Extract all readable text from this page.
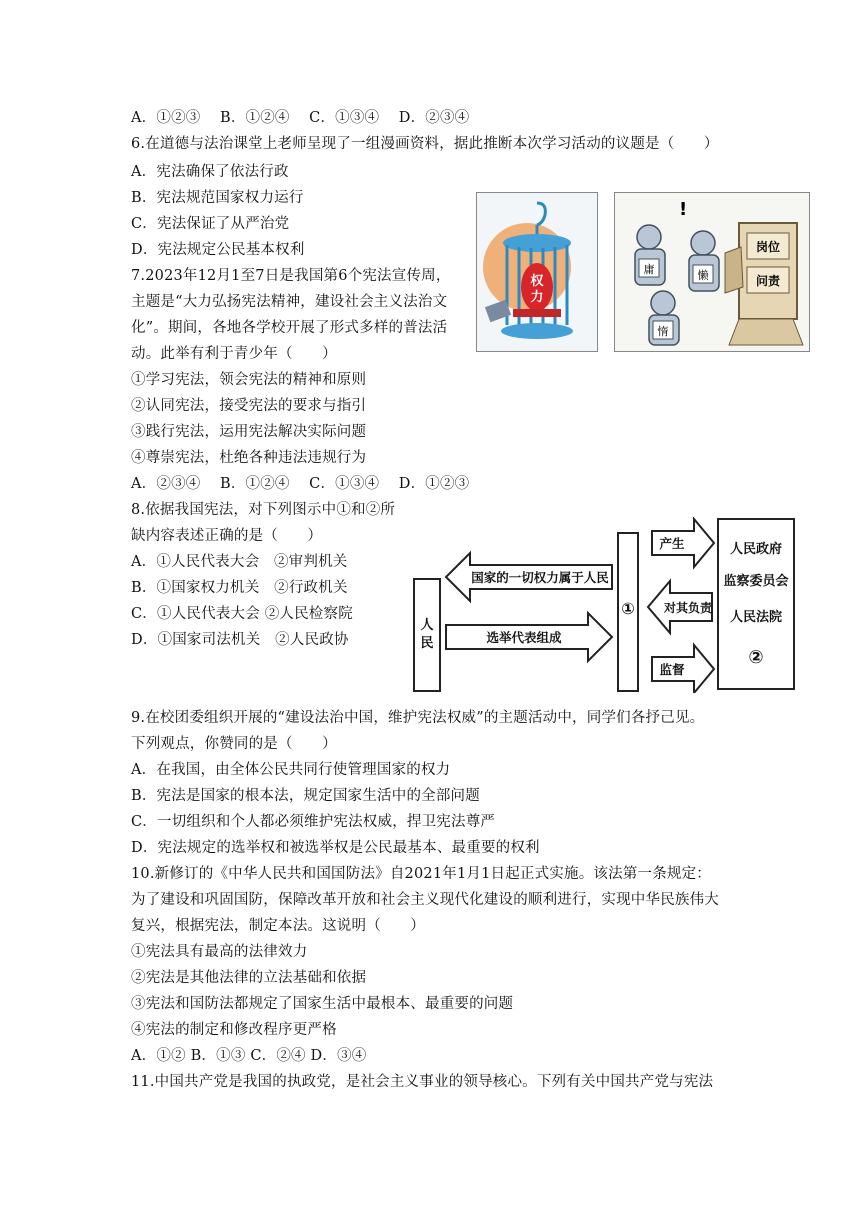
A．①②③　 B．①②④　 C．①③④　 D．②③④
6.在道德与法治课堂上老师呈现了一组漫画资料，据此推断本次学习活动的议题是（　　）
A．宪法确保了依法行政
B．宪法规范国家权力运行
C．宪法保证了从严治党
D．宪法规定公民基本权利
7.2023年12月1至7日是我国第6个宪法宣传周，
主题是“大力弘扬宪法精神，建设社会主义法治文
化”。期间，各地各学校开展了形式多样的普法活
动。此举有利于青少年（　　）
①学习宪法，领会宪法的精神和原则
②认同宪法，接受宪法的要求与指引
③践行宪法，运用宪法解决实际问题
④尊崇宪法，杜绝各种违法违规行为
A．②③④　 B．①②④　 C．①③④　 D．①②③
8.依据我国宪法，对下列图示中①和②所
缺内容表述正确的是（　　）
A．①人民代表大会　②审判机关
B．①国家权力机关　②行政机关
C．①人民代表大会 ②人民检察院
D．①国家司法机关　②人民政协
9.在校团委组织开展的“建设法治中国，维护宪法权威”的主题活动中，同学们各抒己见。
下列观点，你赞同的是（　　）
A．在我国，由全体公民共同行使管理国家的权力
B．宪法是国家的根本法，规定国家生活中的全部问题
C．一切组织和个人都必须维护宪法权威，捍卫宪法尊严
D．宪法规定的选举权和被选举权是公民最基本、最重要的权利
10.新修订的《中华人民共和国国防法》自2021年1月1日起正式实施。该法第一条规定：
为了建设和巩固国防，保障改革开放和社会主义现代化建设的顺利进行，实现中华民族伟大
复兴，根据宪法，制定本法。这说明（　　）
①宪法具有最高的法律效力
②宪法是其他法律的立法基础和依据
③宪法和国防法都规定了国家生活中最根本、最重要的问题
④宪法的制定和修改程序更严格
A．①② B．①③ C．②④ D．③④
11.中国共产党是我国的执政党，是社会主义事业的领导核心。下列有关中国共产党与宪法
权
力
岗位
问责
!
庸	懒
惰
人
民
国家的一切权力属于人民
选举代表组成
①
产生
对其负责
监督
人民政府
监察委员会
人民法院
②
